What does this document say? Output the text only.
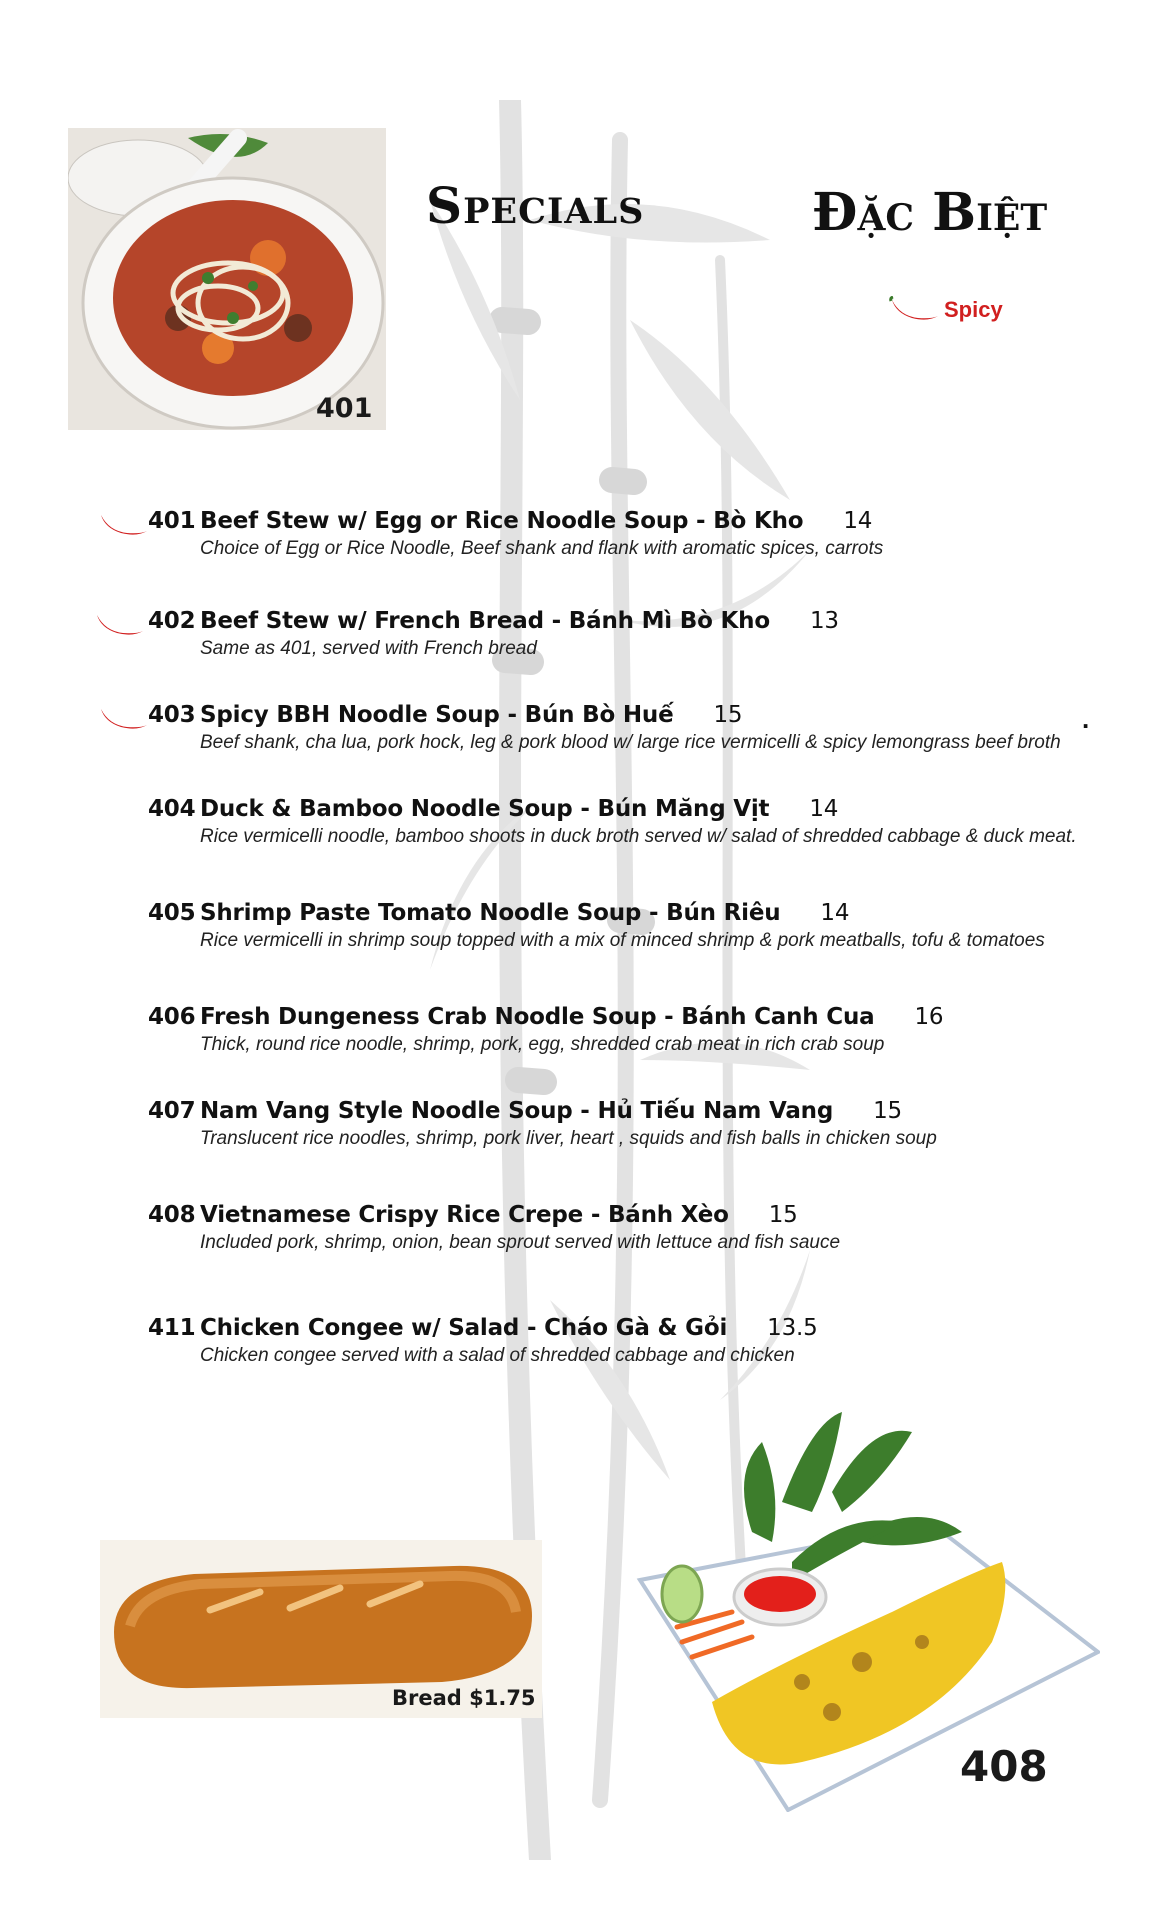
401
Specials	Đặc Biệt
Spicy
.
401 Beef Stew w/ Egg or Rice Noodle Soup - Bò Kho 14
Choice of Egg or Rice Noodle, Beef shank and flank with aromatic spices, carrots
402 Beef Stew w/ French Bread - Bánh Mì Bò Kho 13
Same as 401, served with French bread
403 Spicy BBH Noodle Soup - Bún Bò Huế 15
Beef shank, cha lua, pork hock, leg & pork blood w/ large rice vermicelli & spicy lemongrass beef broth
404 Duck & Bamboo Noodle Soup - Bún Măng Vịt 14
Rice vermicelli noodle, bamboo shoots in duck broth served w/ salad of shredded cabbage & duck meat.
405 Shrimp Paste Tomato Noodle Soup - Bún Riêu 14
Rice vermicelli in shrimp soup topped with a mix of minced shrimp & pork meatballs, tofu & tomatoes
406 Fresh Dungeness Crab Noodle Soup - Bánh Canh Cua 16
Thick, round rice noodle, shrimp, pork, egg, shredded crab meat in rich crab soup
407 Nam Vang Style Noodle Soup - Hủ Tiếu Nam Vang 15
Translucent rice noodles, shrimp, pork liver, heart , squids and fish balls in chicken soup
408 Vietnamese Crispy Rice Crepe - Bánh Xèo 15
Included pork, shrimp, onion, bean sprout served with lettuce and fish sauce
411 Chicken Congee w/ Salad - Cháo Gà & Gỏi 13.5
Chicken congee served with a salad of shredded cabbage and chicken
Bread $1.75
408
